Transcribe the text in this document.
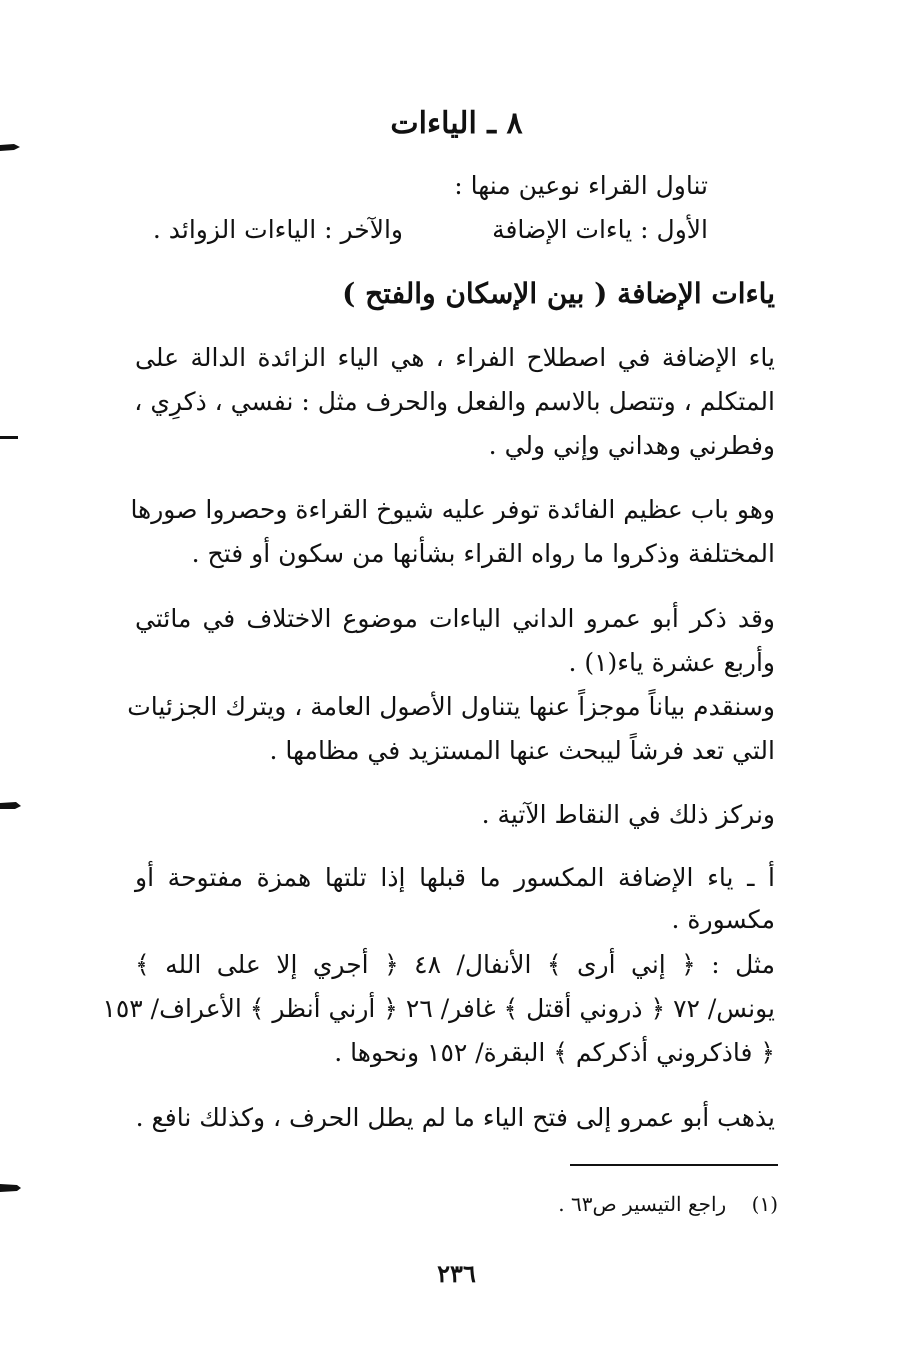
٨ ـ الياءات
تناول القراء نوعين منها :
الأول : ياءات الإضافة
والآخر : الياءات الزوائد .
ياءات الإضافة ( بين الإسكان والفتح )
ياء الإضافة في اصطلاح الفراء ، هي الياء الزائدة الدالة على
المتكلم ، وتتصل بالاسم والفعل والحرف مثل : نفسي ، ذكرِي ،
وفطرني وهداني وإني ولي .
وهو باب عظيم الفائدة توفر عليه شيوخ القراءة وحصروا صورها
المختلفة وذكروا ما رواه القراء بشأنها من سكون أو فتح .
وقد ذكر أبو عمرو الداني الياءات موضوع الاختلاف في مائتي
وأربع عشرة ياء(١) .
وسنقدم بياناً موجزاً عنها يتناول الأصول العامة ، ويترك الجزئيات
التي تعد فرشاً ليبحث عنها المستزيد في مظامها .
ونركز ذلك في النقاط الآتية .
أ ـ ياء الإضافة المكسور ما قبلها إذا تلتها همزة مفتوحة أو
مكسورة .
مثل : ﴿ إني أرى ﴾ الأنفال/ ٤٨ ﴿ أجري إلا على الله ﴾
يونس/ ٧٢ ﴿ ذروني أقتل ﴾ غافر/ ٢٦ ﴿ أرني أنظر ﴾ الأعراف/ ١٥٣
﴿ فاذكروني أذكركم ﴾ البقرة/ ١٥٢ ونحوها .
يذهب أبو عمرو إلى فتح الياء ما لم يطل الحرف ، وكذلك نافع .
(١)    راجع التيسير ص٦٣ .
٢٣٦
